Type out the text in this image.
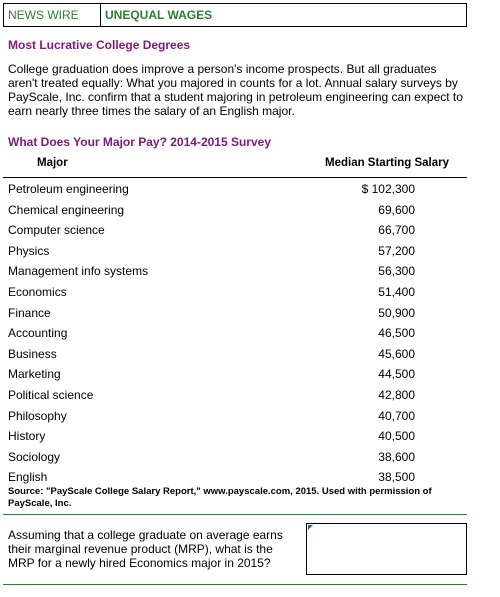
NEWS WIRE	UNEQUAL WAGES
Most Lucrative College Degrees
College graduation does improve a person's income prospects. But all graduates aren't treated equally: What you majored in counts for a lot. Annual salary surveys by PayScale, Inc. confirm that a student majoring in petroleum engineering can expect to earn nearly three times the salary of an English major.
What Does Your Major Pay? 2014-2015 Survey
Major	Median Starting Salary
Petroleum engineering	$ 102,300
Chemical engineering	69,600
Computer science	66,700
Physics	57,200
Management info systems	56,300
Economics	51,400
Finance	50,900
Accounting	46,500
Business	45,600
Marketing	44,500
Political science	42,800
Philosophy	40,700
History	40,500
Sociology	38,600
English	38,500
Source: "PayScale College Salary Report," www.payscale.com, 2015. Used with permission of PayScale, Inc.
Assuming that a college graduate on average earns their marginal revenue product (MRP), what is the MRP for a newly hired Economics major in 2015?
